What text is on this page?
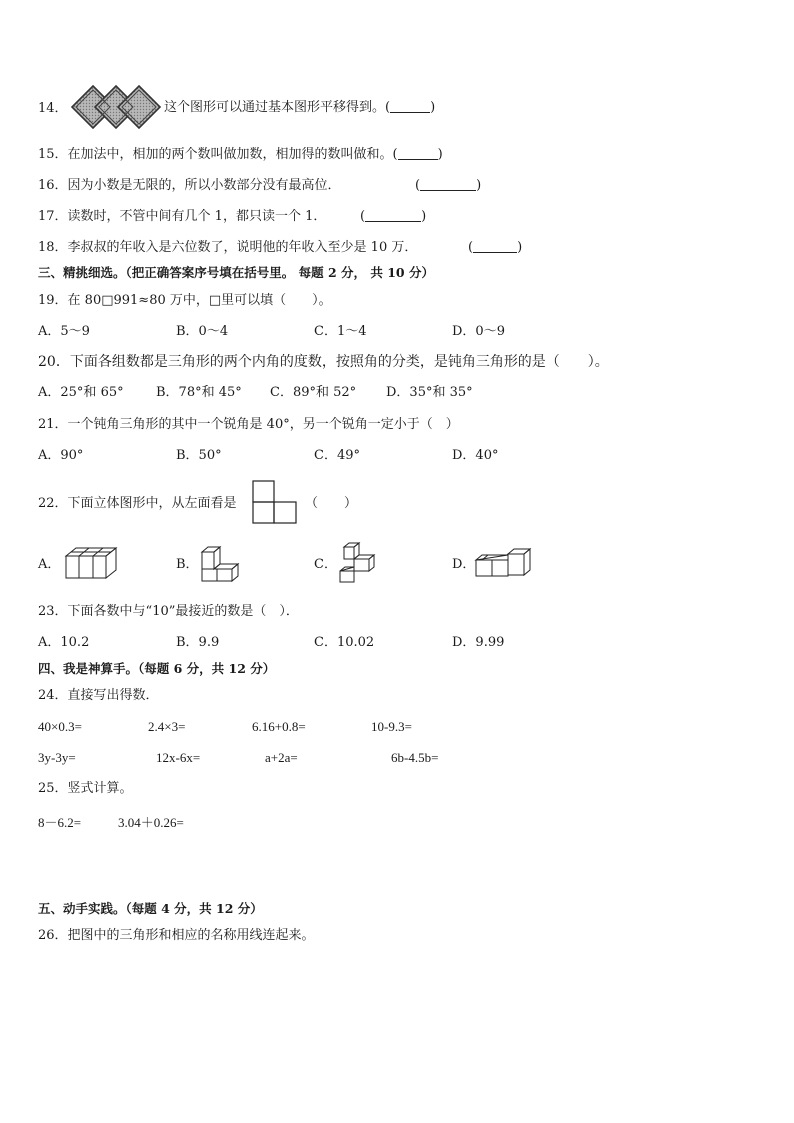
14．	这个图形可以通过基本图形平移得到。(	)
15．在加法中，相加的两个数叫做加数，相加得的数叫做和。(	)
16．因为小数是无限的，所以小数部分没有最高位．	(	)
17．读数时，不管中间有几个 1，都只读一个 1．	(	)
18．李叔叔的年收入是六位数了，说明他的年收入至少是 10 万．	(	)
三、精挑细选。（把正确答案序号填在括号里。 每题 2 分， 共 10 分）
19．在 80□991≈80 万中，□里可以填（　　）。
A．5～9	B．0～4	C．1～4	D．0～9
20．下面各组数都是三角形的两个内角的度数，按照角的分类，是钝角三角形的是（　　）。
A．25°和 65° B．78°和 45° C．89°和 52° D．35°和 35°
21．一个钝角三角形的其中一个锐角是 40°，另一个锐角一定小于（　）
A．90°	B．50°	C．49°	D．40°
22．下面立体图形中，从左面看是	（　　）
A．	B．	C．	D．
23．下面各数中与“10”最接近的数是（　）．
A．10.2	B．9.9	C．10.02	D．9.99
四、我是神算手。（每题 6 分，共 12 分）
24．直接写出得数．
40×0.3=	2.4×3=	6.16+0.8=	10-9.3=
3y-3y=	12x-6x=	a+2a=	6b-4.5b=
25．竖式计算。
8－6.2=	3.04＋0.26=
五、动手实践。（每题 4 分，共 12 分）
26．把图中的三角形和相应的名称用线连起来。
